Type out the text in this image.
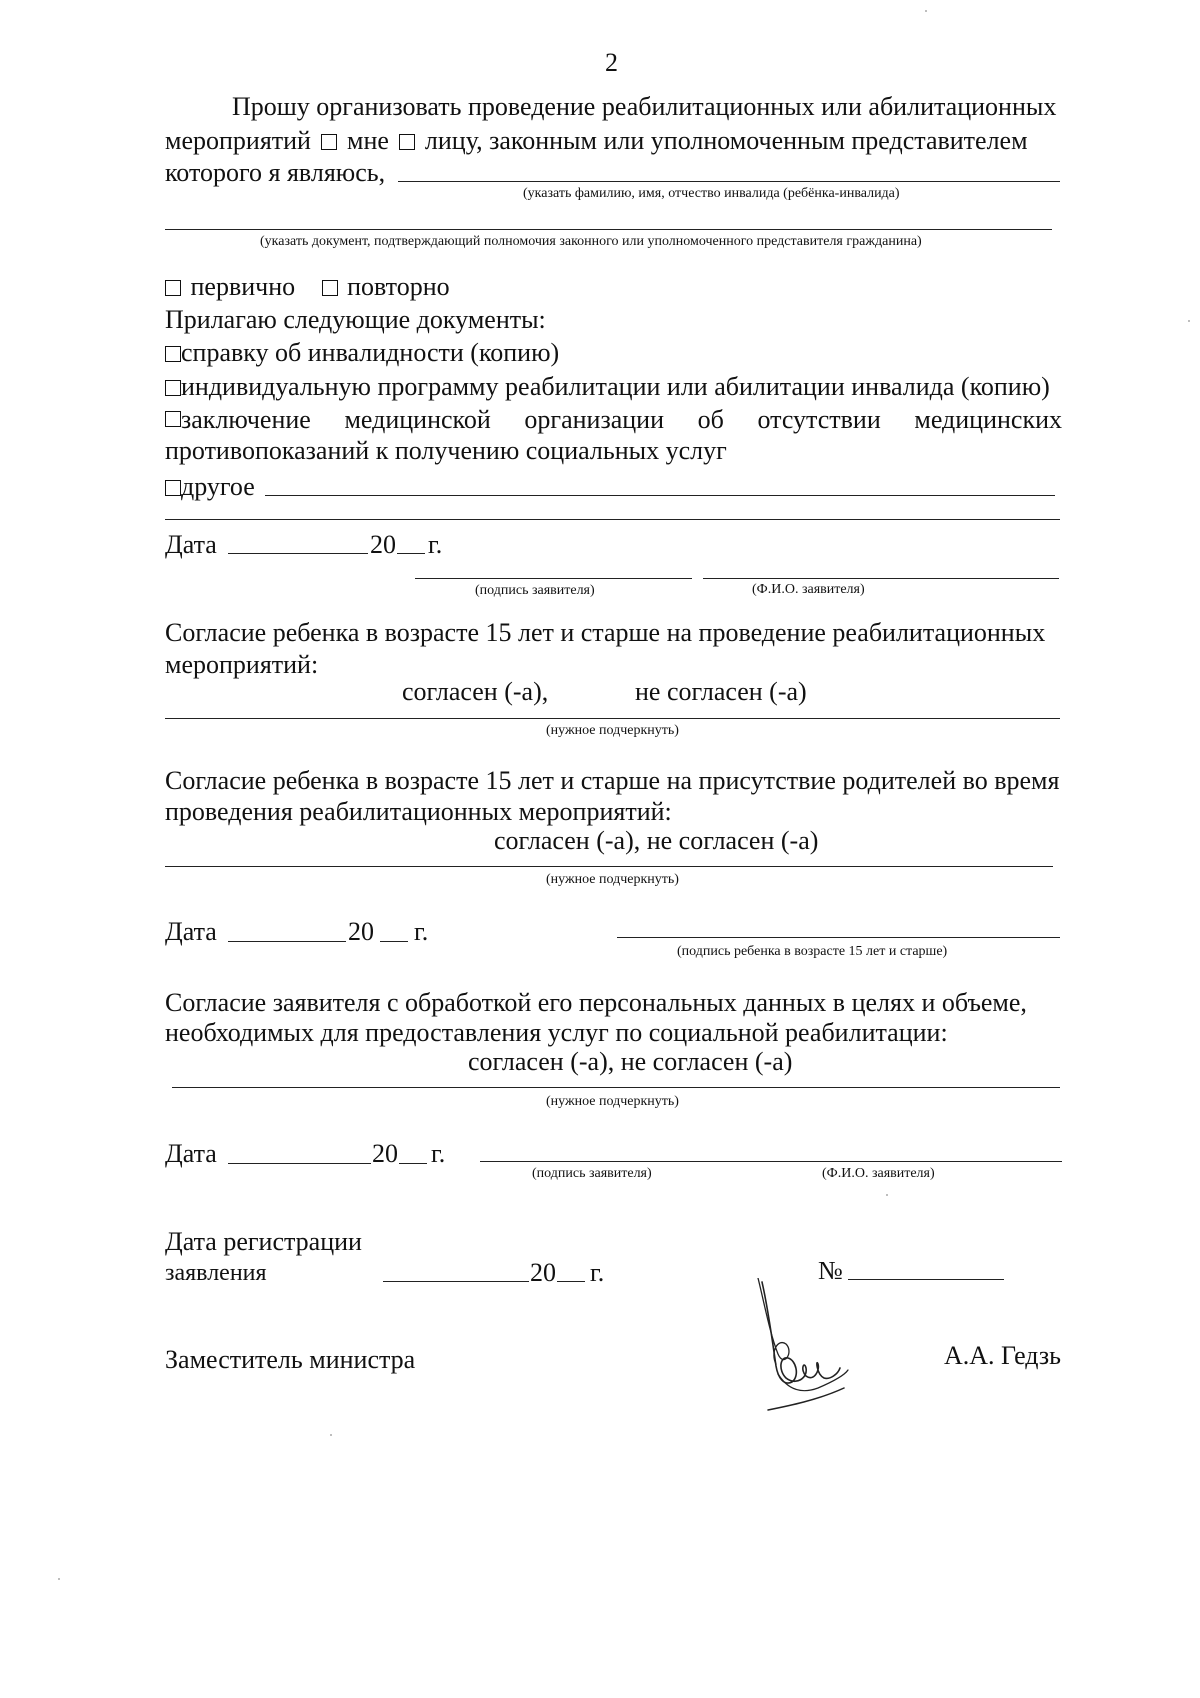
2
Прошу организовать проведение реабилитационных или абилитационных
мероприятий мне лицу, законным или уполномоченным представителем
которого я являюсь,
(указать фамилию, имя, отчество инвалида (ребёнка-инвалида)
(указать документ, подтверждающий полномочия законного или уполномоченного представителя гражданина)
первично повторно
Прилагаю следующие документы:
справку об инвалидности (копию)
индивидуальную программу реабилитации или абилитации инвалида (копию)
заключение медицинской организации об отсутствии медицинских
противопоказаний к получению социальных услуг
другое
Дата	20 г.
(подпись заявителя)	(Ф.И.О. заявителя)
Согласие ребенка в возрасте 15 лет и старше на проведение реабилитационных
мероприятий:
согласен (-а),	не согласен (-а)
(нужное подчеркнуть)
Согласие ребенка в возрасте 15 лет и старше на присутствие родителей во время
проведения реабилитационных мероприятий:
согласен (-а), не согласен (-а)
(нужное подчеркнуть)
Дата	20 г.
(подпись ребенка в возрасте 15 лет и старше)
Согласие заявителя с обработкой его персональных данных в целях и объеме,
необходимых для предоставления услуг по социальной реабилитации:
согласен (-а), не согласен (-а)
(нужное подчеркнуть)
Дата	20 г.
(подпись заявителя)	(Ф.И.О. заявителя)
Дата регистрации
заявления	20 г.	№
Заместитель министра	А.А. Гедзь
